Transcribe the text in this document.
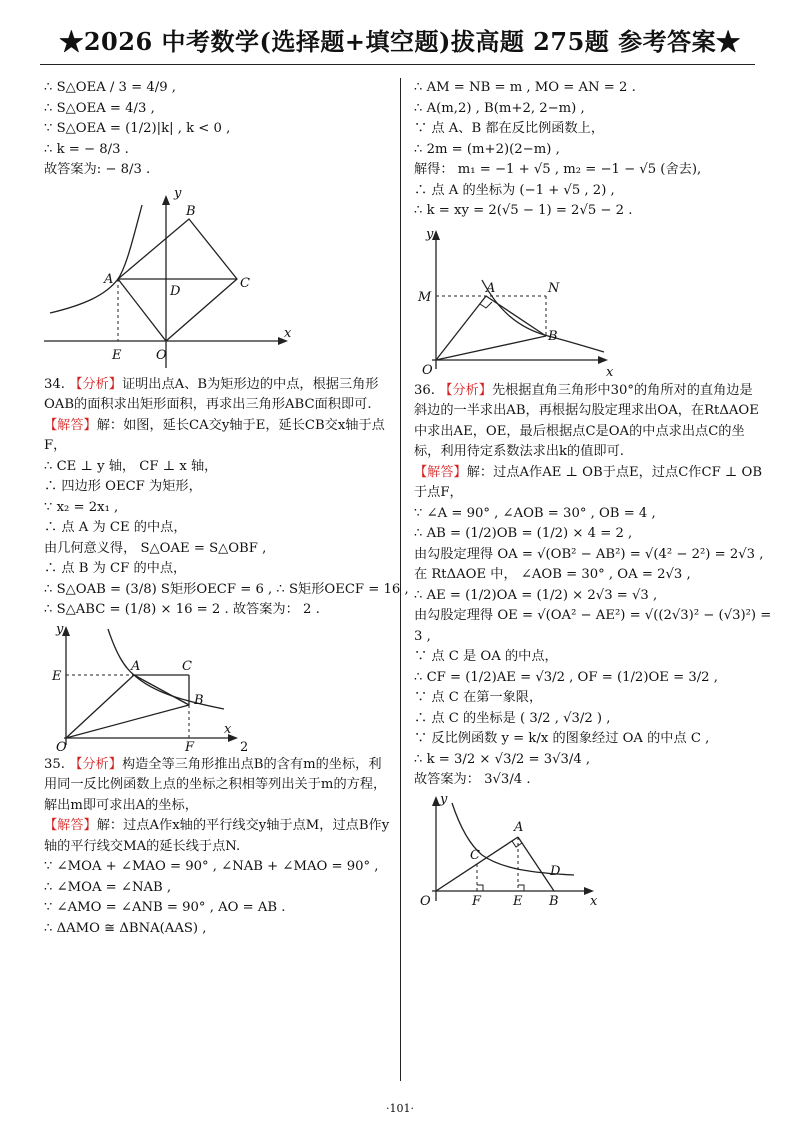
★2026 中考数学(选择题+填空题)拔高题 275题 参考答案★
∴ S△OEA / 3 = 4/9 ,
∴ S△OEA = 4/3 ,
∵ S△OEA = (1/2)|k| , k < 0 ,
∴ k = − 8/3 .
故答案为: − 8/3 .
y
x
B
A	C
D
E	O
34. 【分析】证明出点A、B为矩形边的中点，根据三角形OAB的面积求出矩形面积，再求出三角形ABC面积即可.
【解答】解：如图，延长CA交y轴于E，延长CB交x轴于点F，
∴ CE ⊥ y 轴， CF ⊥ x 轴，
∴ 四边形 OECF 为矩形，
∵ x₂ = 2x₁ ,
∴ 点 A 为 CE 的中点，
由几何意义得， S△OAE = S△OBF ,
∴ 点 B 为 CF 的中点，
∴ S△OAB = (3/8) S矩形OECF = 6 , ∴ S矩形OECF = 16 ,
∴ S△ABC = (1/8) × 16 = 2 . 故答案为： 2 .
y
x
E
A	C
B
O	F	2
35. 【分析】构造全等三角形推出点B的含有m的坐标，利用同一反比例函数上点的坐标之积相等列出关于m的方程，解出m即可求出A的坐标，
【解答】解：过点A作x轴的平行线交y轴于点M，过点B作y轴的平行线交MA的延长线于点N.
∵ ∠MOA + ∠MAO = 90° , ∠NAB + ∠MAO = 90° ,
∴ ∠MOA = ∠NAB ,
∵ ∠AMO = ∠ANB = 90° , AO = AB .
∴ ΔAMO ≅ ΔBNA(AAS) ,
∴ AM = NB = m , MO = AN = 2 .
∴ A(m,2) , B(m+2, 2−m) ,
∵ 点 A、B 都在反比例函数上，
∴ 2m = (m+2)(2−m) ,
解得： m₁ = −1 + √5 , m₂ = −1 − √5 (舍去),
∴ 点 A 的坐标为 (−1 + √5 , 2) ,
∴ k = xy = 2(√5 − 1) = 2√5 − 2 .
y
x
M
A	N
B
O
36. 【分析】先根据直角三角形中30°的角所对的直角边是斜边的一半求出AB，再根据勾股定理求出OA，在RtΔAOE中求出AE，OE，最后根据点C是OA的中点求出点C的坐标，利用待定系数法求出k的值即可.
【解答】解：过点A作AE ⊥ OB于点E，过点C作CF ⊥ OB于点F，
∵ ∠A = 90° , ∠AOB = 30° , OB = 4 ,
∴ AB = (1/2)OB = (1/2) × 4 = 2 ,
由勾股定理得 OA = √(OB² − AB²) = √(4² − 2²) = 2√3 ,
在 RtΔAOE 中， ∠AOB = 30° , OA = 2√3 ,
∴ AE = (1/2)OA = (1/2) × 2√3 = √3 ,
由勾股定理得 OE = √(OA² − AE²) = √((2√3)² − (√3)²) =
3 ,
∵ 点 C 是 OA 的中点，
∴ CF = (1/2)AE = √3/2 , OF = (1/2)OE = 3/2 ,
∵ 点 C 在第一象限，
∴ 点 C 的坐标是 ( 3/2 , √3/2 ) ,
∵ 反比例函数 y = k/x 的图象经过 OA 的中点 C ,
∴ k = 3/2 × √3/2 = 3√3/4 ,
故答案为： 3√3/4 .
y
x
A
C
D
O	F E B
·101·
